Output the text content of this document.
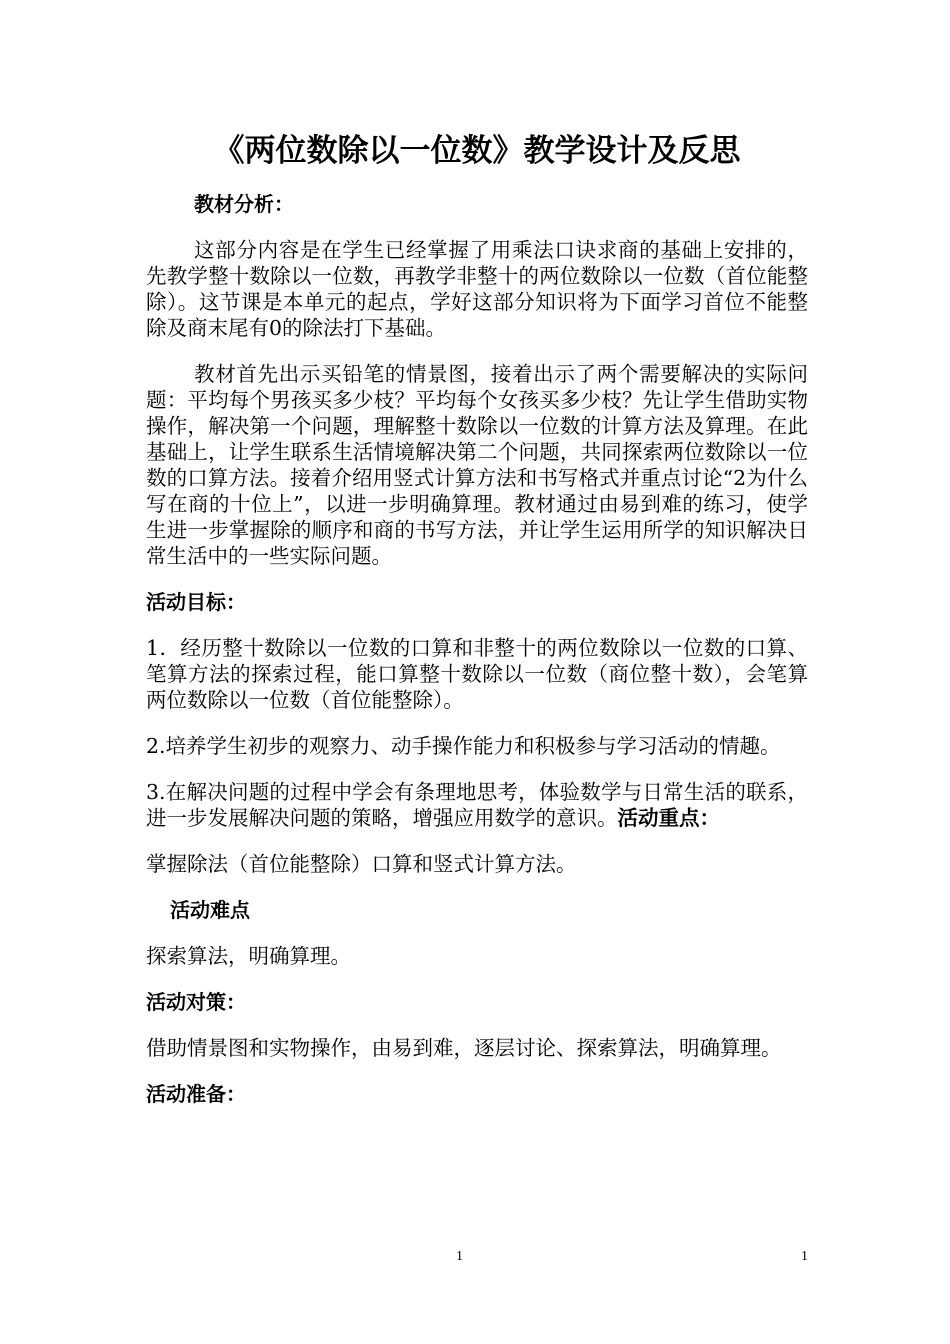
《两位数除以一位数》教学设计及反思
教材分析：

这部分内容是在学生已经掌握了用乘法口诀求商的基础上安排的，先教学整十数除以一位数，再教学非整十的两位数除以一位数（首位能整除）。这节课是本单元的起点，学好这部分知识将为下面学习首位不能整除及商末尾有0的除法打下基础。

教材首先出示买铅笔的情景图，接着出示了两个需要解决的实际问题：平均每个男孩买多少枝？平均每个女孩买多少枝？先让学生借助实物操作，解决第一个问题，理解整十数除以一位数的计算方法及算理。在此基础上，让学生联系生活情境解决第二个问题，共同探索两位数除以一位数的口算方法。接着介绍用竖式计算方法和书写格式并重点讨论“2为什么写在商的十位上”，以进一步明确算理。教材通过由易到难的练习，使学生进一步掌握除的顺序和商的书写方法，并让学生运用所学的知识解决日常生活中的一些实际问题。

活动目标：

1．经历整十数除以一位数的口算和非整十的两位数除以一位数的口算、笔算方法的探索过程，能口算整十数除以一位数（商位整十数），会笔算两位数除以一位数（首位能整除）。

2.培养学生初步的观察力、动手操作能力和积极参与学习活动的情趣。

3.在解决问题的过程中学会有条理地思考，体验数学与日常生活的联系，进一步发展解决问题的策略，增强应用数学的意识。活动重点：

掌握除法（首位能整除）口算和竖式计算方法。

活动难点

探索算法，明确算理。

活动对策：

借助情景图和实物操作，由易到难，逐层讨论、探索算法，明确算理。

活动准备：
1	1
